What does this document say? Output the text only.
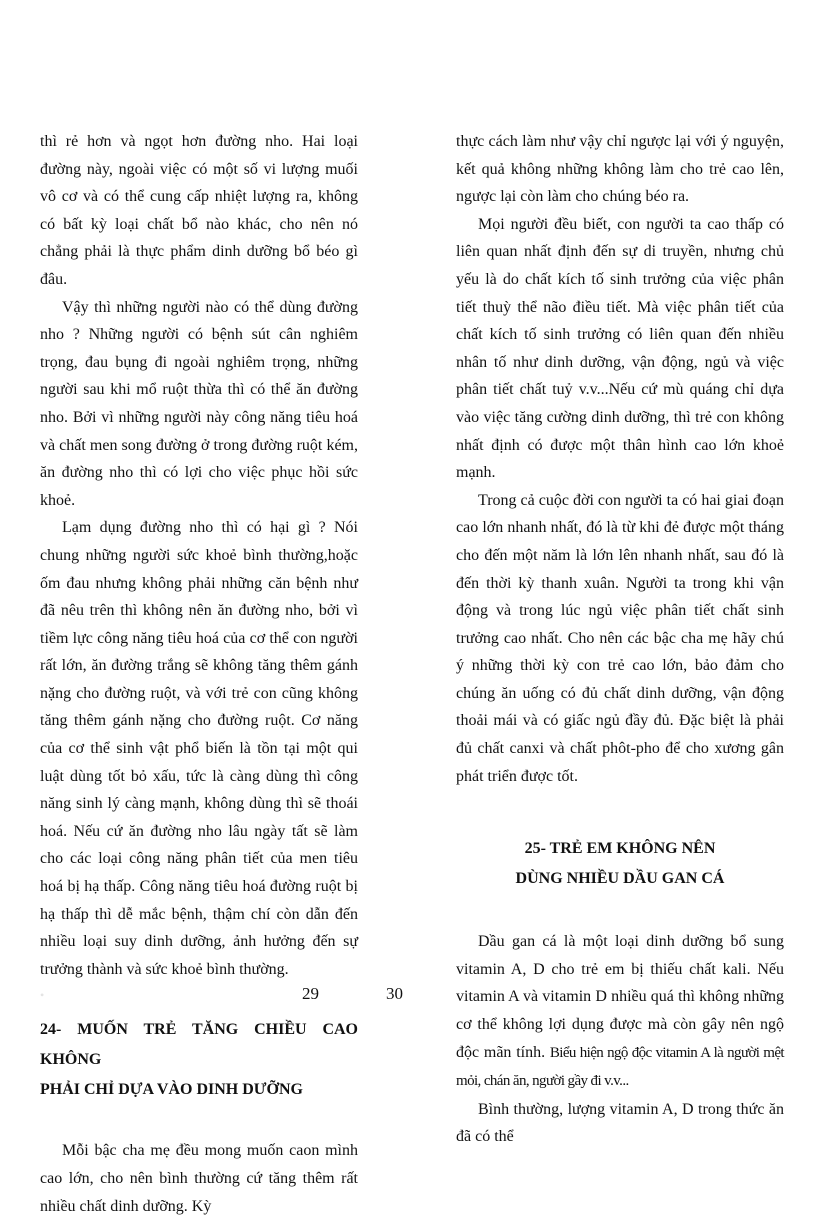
thì rẻ hơn và ngọt hơn đường nho. Hai loại đường này, ngoài việc có một số vi lượng muối vô cơ và có thể cung cấp nhiệt lượng ra, không có bất kỳ loại chất bổ nào khác, cho nên nó chẳng phải là thực phẩm dinh dưỡng bổ béo gì đâu.

Vậy thì những người nào có thể dùng đường nho ? Những người có bệnh sút cân nghiêm trọng, đau bụng đi ngoài nghiêm trọng, những người sau khi mổ ruột thừa thì có thể ăn đường nho. Bởi vì những người này công năng tiêu hoá và chất men song đường ở trong đường ruột kém, ăn đường nho thì có lợi cho việc phục hồi sức khoẻ.

Lạm dụng đường nho thì có hại gì ? Nói chung những người sức khoẻ bình thường,hoặc ốm đau nhưng không phải những căn bệnh như đã nêu trên thì không nên ăn đường nho, bởi vì tiềm lực công năng tiêu hoá của cơ thể con người rất lớn, ăn đường trắng sẽ không tăng thêm gánh nặng cho đường ruột, và với trẻ con cũng không tăng thêm gánh nặng cho đường ruột. Cơ năng của cơ thể sinh vật phổ biến là tồn tại một qui luật dùng tốt bỏ xấu, tức là càng dùng thì công năng sinh lý càng mạnh, không dùng thì sẽ thoái hoá. Nếu cứ ăn đường nho lâu ngày tất sẽ làm cho các loại công năng phân tiết của men tiêu hoá bị hạ thấp. Công năng tiêu hoá đường ruột bị hạ thấp thì dễ mắc bệnh, thậm chí còn dẫn đến nhiều loại suy dinh dưỡng, ảnh hưởng đến sự trưởng thành và sức khoẻ bình thường.

24- MUỐN TRẺ TĂNG CHIỀU CAO KHÔNG
PHẢI CHỈ DỰA VÀO DINH DƯỠNG

Mỗi bậc cha mẹ đều mong muốn caon mình cao lớn, cho nên bình thường cứ tăng thêm rất nhiều chất dinh dưỡng. Kỳ

thực cách làm như vậy chỉ ngược lại với ý nguyện, kết quả không những không làm cho trẻ cao lên, ngược lại còn làm cho chúng béo ra.

Mọi người đều biết, con người ta cao thấp có liên quan nhất định đến sự di truyền, nhưng chủ yếu là do chất kích tố sinh trưởng của việc phân tiết thuỳ thể não điều tiết. Mà việc phân tiết của chất kích tố sinh trưởng có liên quan đến nhiều nhân tố như dinh dưỡng, vận động, ngủ và việc phân tiết chất tuỷ v.v...Nếu cứ mù quáng chỉ dựa vào việc tăng cường dinh dưỡng, thì trẻ con không nhất định có được một thân hình cao lớn khoẻ mạnh.

Trong cả cuộc đời con người ta có hai giai đoạn cao lớn nhanh nhất, đó là từ khi đẻ được một tháng cho đến một năm là lớn lên nhanh nhất, sau đó là đến thời kỳ thanh xuân. Người ta trong khi vận động và trong lúc ngủ việc phân tiết chất sinh trưởng cao nhất. Cho nên các bậc cha mẹ hãy chú ý những thời kỳ con trẻ cao lớn, bảo đảm cho chúng ăn uống có đủ chất dinh dưỡng, vận động thoải mái và có giấc ngủ đầy đủ. Đặc biệt là phải đủ chất canxi và chất phôt-pho để cho xương gân phát triển được tốt.

25- TRẺ EM KHÔNG NÊN
DÙNG NHIỀU DẦU GAN CÁ

Dầu gan cá là một loại dinh dưỡng bổ sung vitamin A, D cho trẻ em bị thiếu chất kali. Nếu vitamin A và vitamin D nhiều quá thì không những cơ thể không lợi dụng được mà còn gây nên ngộ độc mãn tính. Biểu hiện ngộ độc vitamin A là người mệt mỏi, chán ăn, người gầy đi v.v...

Bình thường, lượng vitamin A, D trong thức ăn đã có thể

•	29	30
